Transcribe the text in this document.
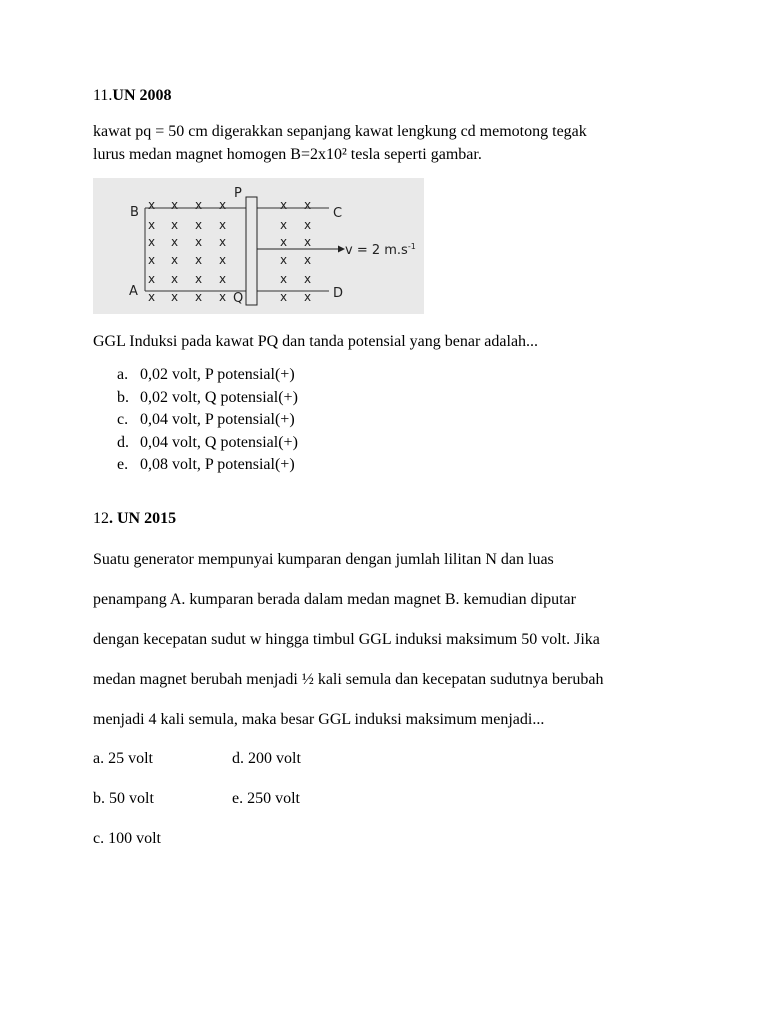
11.UN 2008
kawat pq = 50 cm digerakkan sepanjang kawat lengkung cd memotong tegak
lurus medan magnet homogen B=2x10² tesla seperti gambar.
x x x x
x x x x
x x x x
x x x x
x x x x
x x x x
x x
x x
x x
x x
x x
x x
P
Q
B
A
C
D
v = 2 $m.s^{-1}$
GGL Induksi pada kawat PQ dan tanda potensial yang benar adalah...
a. 0,02 volt, P potensial(+)
b. 0,02 volt, Q potensial(+)
c. 0,04 volt, P potensial(+)
d. 0,04 volt, Q potensial(+)
e. 0,08 volt, P potensial(+)
12. UN 2015
Suatu generator mempunyai kumparan dengan jumlah lilitan N dan luas
penampang A. kumparan berada dalam medan magnet B. kemudian diputar
dengan kecepatan sudut w hingga timbul GGL induksi maksimum 50 volt. Jika
medan magnet berubah menjadi ½ kali semula dan kecepatan sudutnya berubah
menjadi 4 kali semula, maka besar GGL induksi maksimum menjadi...
a. 25 volt	d. 200 volt
b. 50 volt	e. 250 volt
c. 100 volt
